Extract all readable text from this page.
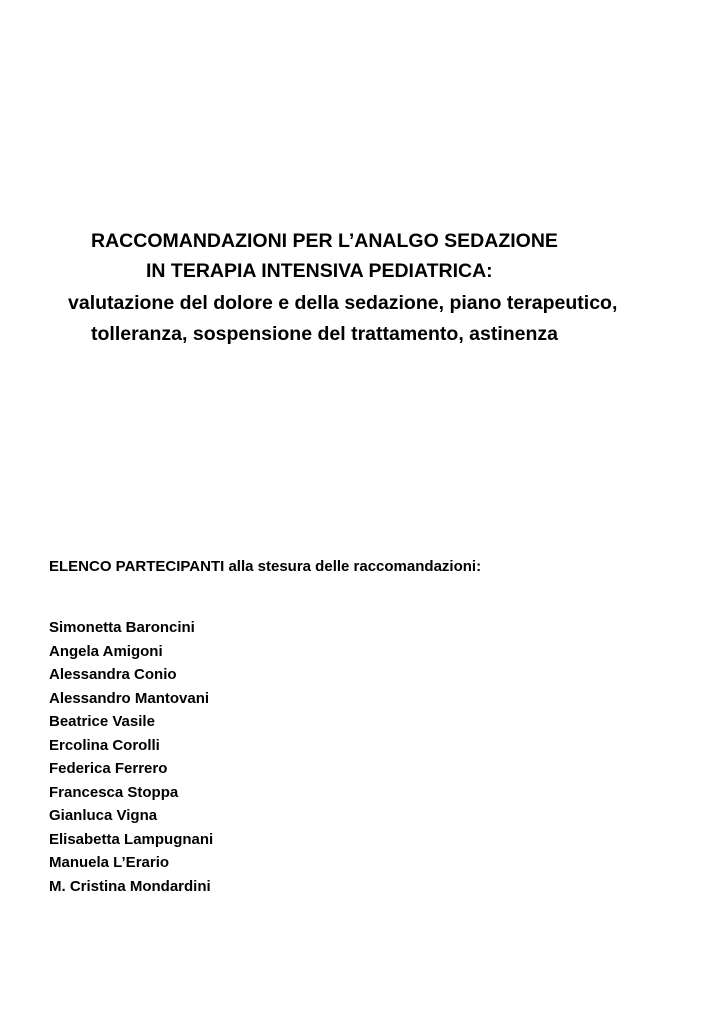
RACCOMANDAZIONI PER L’ANALGO SEDAZIONE
IN TERAPIA INTENSIVA PEDIATRICA:
valutazione del dolore e della sedazione, piano terapeutico,
tolleranza, sospensione del trattamento, astinenza
ELENCO PARTECIPANTI alla stesura delle raccomandazioni:
Simonetta Baroncini
Angela Amigoni
Alessandra Conio
Alessandro Mantovani
Beatrice Vasile
Ercolina Corolli
Federica Ferrero
Francesca Stoppa
Gianluca Vigna
Elisabetta Lampugnani
Manuela L’Erario
M. Cristina Mondardini
